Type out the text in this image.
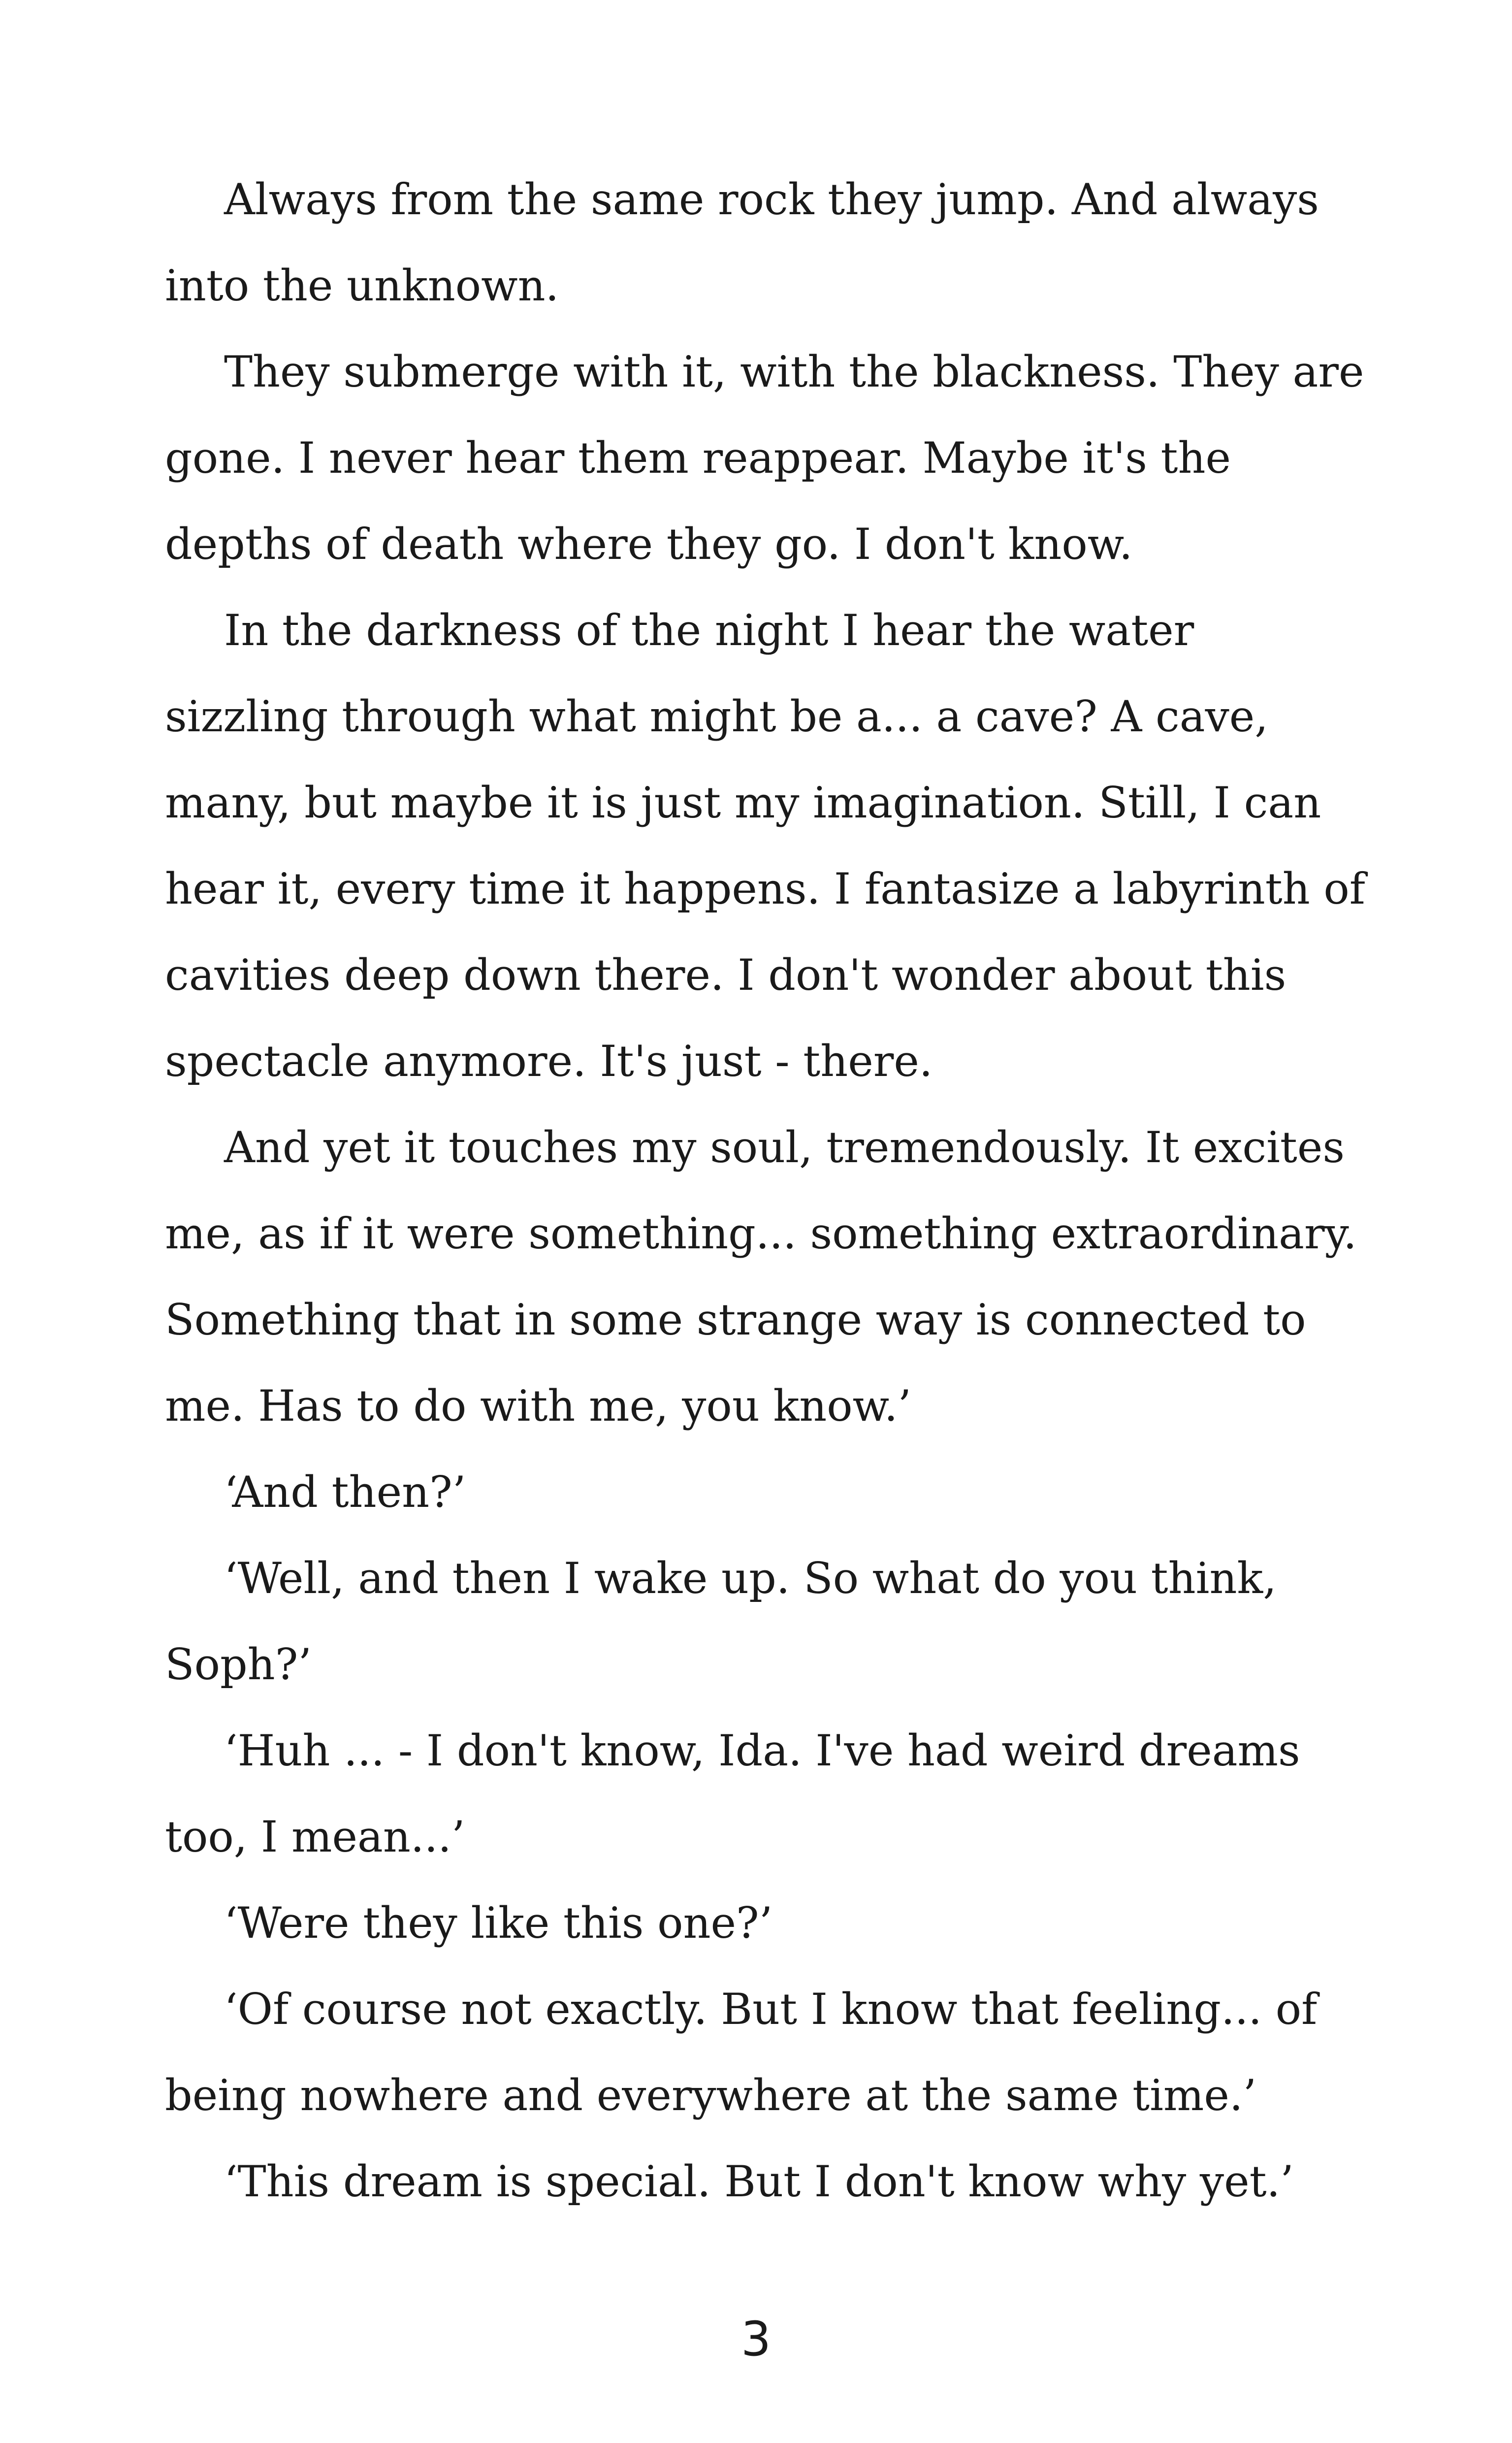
Always from the same rock they jump. And always into the unknown.

They submerge with it, with the blackness. They are gone. I never hear them reappear. Maybe it's the depths of death where they go. I don't know.

In the darkness of the night I hear the water sizzling through what might be a... a cave? A cave, many, but maybe it is just my imagination. Still, I can hear it, every time it happens. I fantasize a labyrinth of cavities deep down there. I don't wonder about this spectacle anymore. It's just - there.

And yet it touches my soul, tremendously. It excites me, as if it were something... something extraordinary. Something that in some strange way is connected to me. Has to do with me, you know.’

‘And then?’

‘Well, and then I wake up. So what do you think, Soph?’

‘Huh ... - I don't know, Ida. I've had weird dreams too, I mean...’

‘Were they like this one?’

‘Of course not exactly. But I know that feeling... of being nowhere and everywhere at the same time.’

‘This dream is special. But I don't know why yet.’

3
